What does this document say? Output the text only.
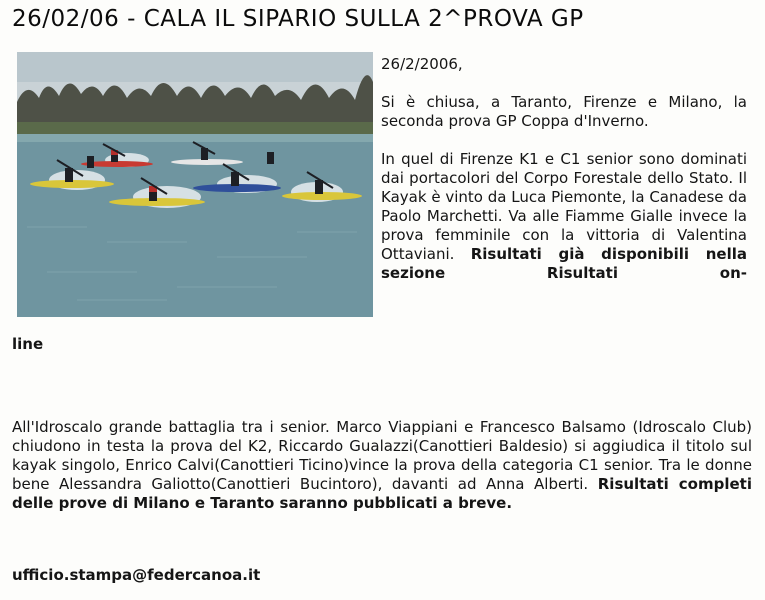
26/02/06 - CALA IL SIPARIO SULLA 2^PROVA GP

26/2/2006,

Si è chiusa, a Taranto, Firenze e Milano, la seconda prova GP Coppa d'Inverno.

In quel di Firenze K1 e C1 senior sono dominati dai portacolori del Corpo Forestale dello Stato. Il Kayak è vinto da Luca Piemonte, la Canadese da Paolo Marchetti. Va alle Fiamme Gialle invece la prova femminile con la vittoria di Valentina Ottaviani. Risultati già disponibili nella sezione Risultati on-

line
All'Idroscalo grande battaglia tra i senior. Marco Viappiani e Francesco Balsamo (Idroscalo Club) chiudono in testa la prova del K2, Riccardo Gualazzi(Canottieri Baldesio) si aggiudica il titolo sul kayak singolo, Enrico Calvi(Canottieri Ticino)vince la prova della categoria C1 senior. Tra le donne bene Alessandra Galiotto(Canottieri Bucintoro), davanti ad Anna Alberti. Risultati completi delle prove di Milano e Taranto saranno pubblicati a breve.
ufficio.stampa@federcanoa.it
